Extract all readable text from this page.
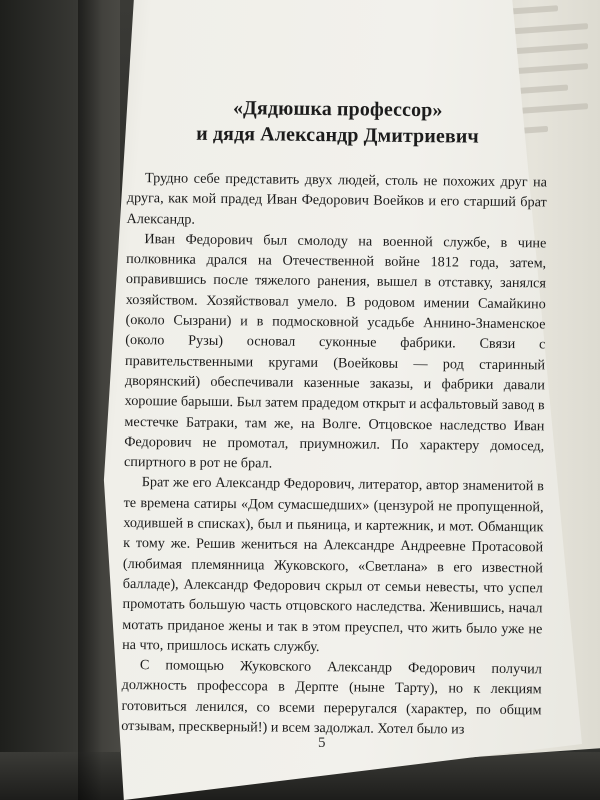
«Дядюшка профессор»
и дядя Александр Дмитриевич

Трудно себе представить двух людей, столь не похожих друг на друга, как мой прадед Иван Федорович Воейков и его старший брат Александр.

Иван Федорович был смолоду на военной службе, в чине полковника дрался на Отечественной войне 1812 года, затем, оправившись после тяжелого ранения, вышел в отставку, занялся хозяйством. Хозяйствовал умело. В родовом имении Самайкино (около Сызрани) и в подмосковной усадьбе Аннино-Знаменское (около Рузы) основал суконные фабрики. Связи с правительственными кругами (Воейковы — род старинный дворянский) обеспечивали казенные заказы, и фабрики давали хорошие барыши. Был затем прадедом открыт и асфальтовый завод в местечке Батраки, там же, на Волге. Отцовское наследство Иван Федорович не промотал, приумножил. По характеру домосед, спиртного в рот не брал.

Брат же его Александр Федорович, литератор, автор знаменитой в те времена сатиры «Дом сумасшедших» (цензурой не пропущенной, ходившей в списках), был и пьяница, и картежник, и мот. Обманщик к тому же. Решив жениться на Александре Андреевне Протасовой (любимая племянница Жуковского, «Светлана» в его известной балладе), Александр Федорович скрыл от семьи невесты, что успел промотать большую часть отцовского наследства. Женившись, начал мотать приданое жены и так в этом преуспел, что жить было уже не на что, пришлось искать службу.

С помощью Жуковского Александр Федорович получил должность профессора в Дерпте (ныне Тарту), но к лекциям готовиться ленился, со всеми переругался (характер, по общим отзывам, прескверный!) и всем задолжал. Хотел было из

5
